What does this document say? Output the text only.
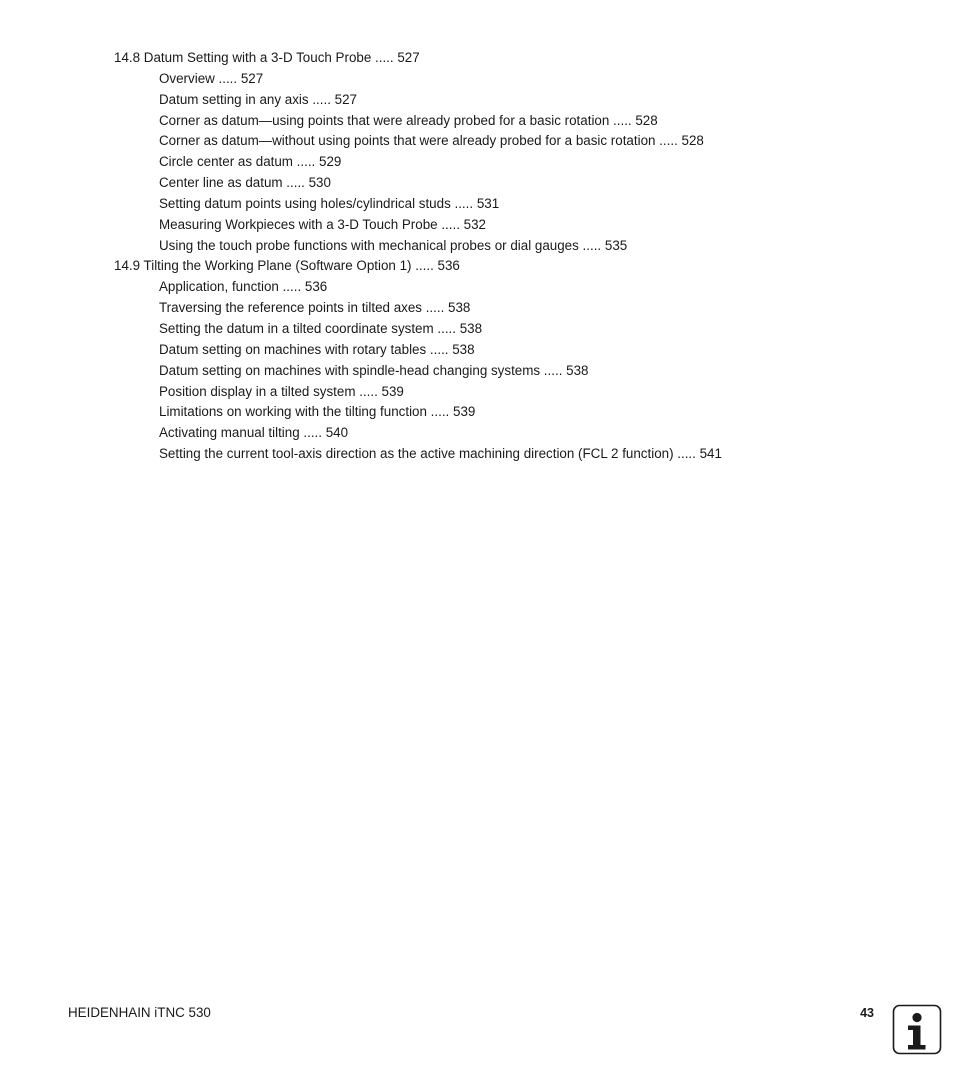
14.8 Datum Setting with a 3-D Touch Probe ..... 527
Overview ..... 527
Datum setting in any axis ..... 527
Corner as datum—using points that were already probed for a basic rotation ..... 528
Corner as datum—without using points that were already probed for a basic rotation ..... 528
Circle center as datum ..... 529
Center line as datum ..... 530
Setting datum points using holes/cylindrical studs ..... 531
Measuring Workpieces with a 3-D Touch Probe ..... 532
Using the touch probe functions with mechanical probes or dial gauges ..... 535
14.9 Tilting the Working Plane (Software Option 1) ..... 536
Application, function ..... 536
Traversing the reference points in tilted axes ..... 538
Setting the datum in a tilted coordinate system ..... 538
Datum setting on machines with rotary tables ..... 538
Datum setting on machines with spindle-head changing systems ..... 538
Position display in a tilted system ..... 539
Limitations on working with the tilting function ..... 539
Activating manual tilting ..... 540
Setting the current tool-axis direction as the active machining direction (FCL 2 function) ..... 541
HEIDENHAIN iTNC 530	43
